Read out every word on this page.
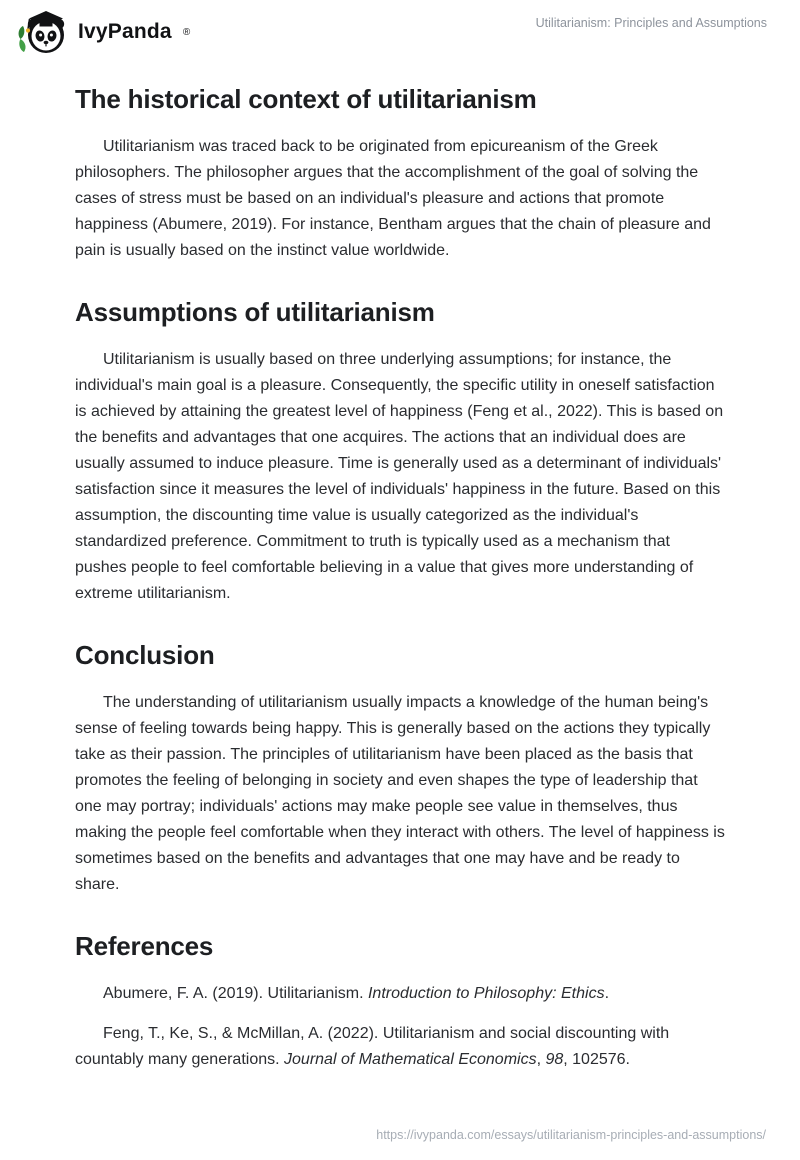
IvyPanda ®
Utilitarianism: Principles and Assumptions
The historical context of utilitarianism

Utilitarianism was traced back to be originated from epicureanism of the Greek philosophers. The philosopher argues that the accomplishment of the goal of solving the cases of stress must be based on an individual's pleasure and actions that promote happiness (Abumere, 2019). For instance, Bentham argues that the chain of pleasure and pain is usually based on the instinct value worldwide.

Assumptions of utilitarianism

Utilitarianism is usually based on three underlying assumptions; for instance, the individual's main goal is a pleasure. Consequently, the specific utility in oneself satisfaction is achieved by attaining the greatest level of happiness (Feng et al., 2022). This is based on the benefits and advantages that one acquires. The actions that an individual does are usually assumed to induce pleasure. Time is generally used as a determinant of individuals' satisfaction since it measures the level of individuals' happiness in the future. Based on this assumption, the discounting time value is usually categorized as the individual's standardized preference. Commitment to truth is typically used as a mechanism that pushes people to feel comfortable believing in a value that gives more understanding of extreme utilitarianism.

Conclusion

The understanding of utilitarianism usually impacts a knowledge of the human being's sense of feeling towards being happy. This is generally based on the actions they typically take as their passion. The principles of utilitarianism have been placed as the basis that promotes the feeling of belonging in society and even shapes the type of leadership that one may portray; individuals' actions may make people see value in themselves, thus making the people feel comfortable when they interact with others. The level of happiness is sometimes based on the benefits and advantages that one may have and be ready to share.

References

Abumere, F. A. (2019). Utilitarianism. Introduction to Philosophy: Ethics.

Feng, T., Ke, S., & McMillan, A. (2022). Utilitarianism and social discounting with countably many generations. Journal of Mathematical Economics, 98, 102576.

https://ivypanda.com/essays/utilitarianism-principles-and-assumptions/
